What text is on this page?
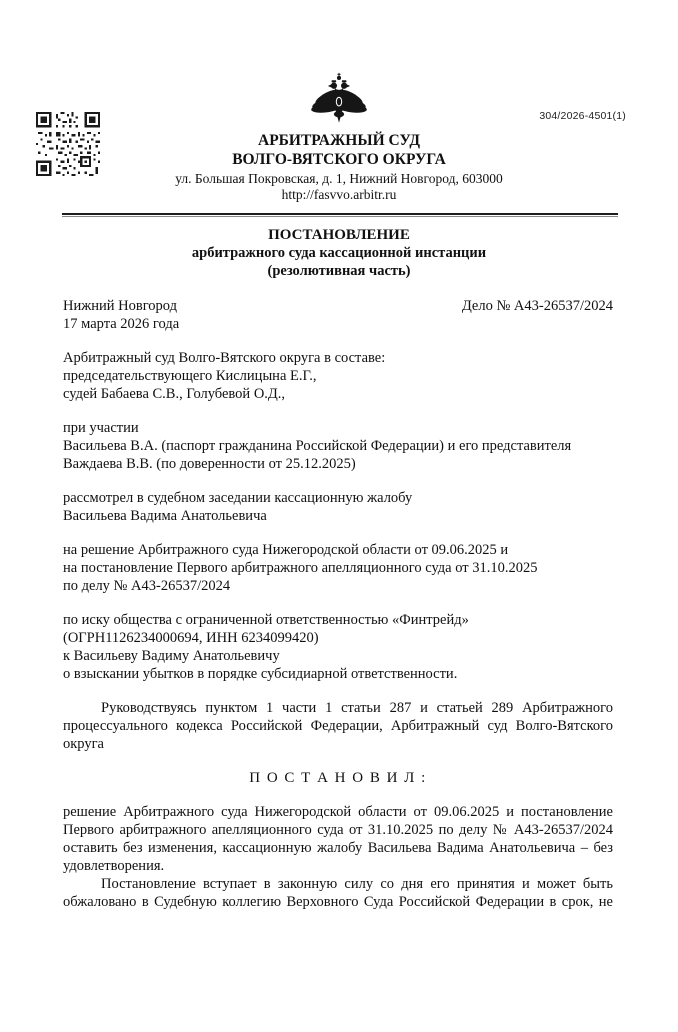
304/2026-4501(1)
АРБИТРАЖНЫЙ СУД
ВОЛГО-ВЯТСКОГО ОКРУГА
ул. Большая Покровская, д. 1, Нижний Новгород, 603000
http://fasvvo.arbitr.ru
ПОСТАНОВЛЕНИЕ
арбитражного суда кассационной инстанции
(резолютивная часть)
Нижний Новгород
17 марта 2026 года
Дело № А43-26537/2024
Арбитражный суд Волго-Вятского округа в составе:
председательствующего Кислицына Е.Г.,
судей Бабаева С.В., Голубевой О.Д.,
при участии
Васильева В.А. (паспорт гражданина Российской Федерации) и его представителя
Важдаева В.В. (по доверенности от 25.12.2025)
рассмотрел в судебном заседании кассационную жалобу
Васильева Вадима Анатольевича
на решение Арбитражного суда Нижегородской области от 09.06.2025 и
на постановление Первого арбитражного апелляционного суда от 31.10.2025
по делу № А43-26537/2024
по иску общества с ограниченной ответственностью «Финтрейд»
(ОГРН1126234000694, ИНН 6234099420)
к Васильеву Вадиму Анатольевичу
о взыскании убытков в порядке субсидиарной ответственности.
Руководствуясь пунктом 1 части 1 статьи 287 и статьей 289 Арбитражного процессуального кодекса Российской Федерации, Арбитражный суд Волго-Вятского округа
П О С Т А Н О В И Л :
решение Арбитражного суда Нижегородской области от 09.06.2025 и постановление Первого арбитражного апелляционного суда от 31.10.2025 по делу № А43-26537/2024 оставить без изменения, кассационную жалобу Васильева Вадима Анатольевича – без удовлетворения.
Постановление вступает в законную силу со дня его принятия и может быть обжаловано в Судебную коллегию Верховного Суда Российской Федерации в срок, не
